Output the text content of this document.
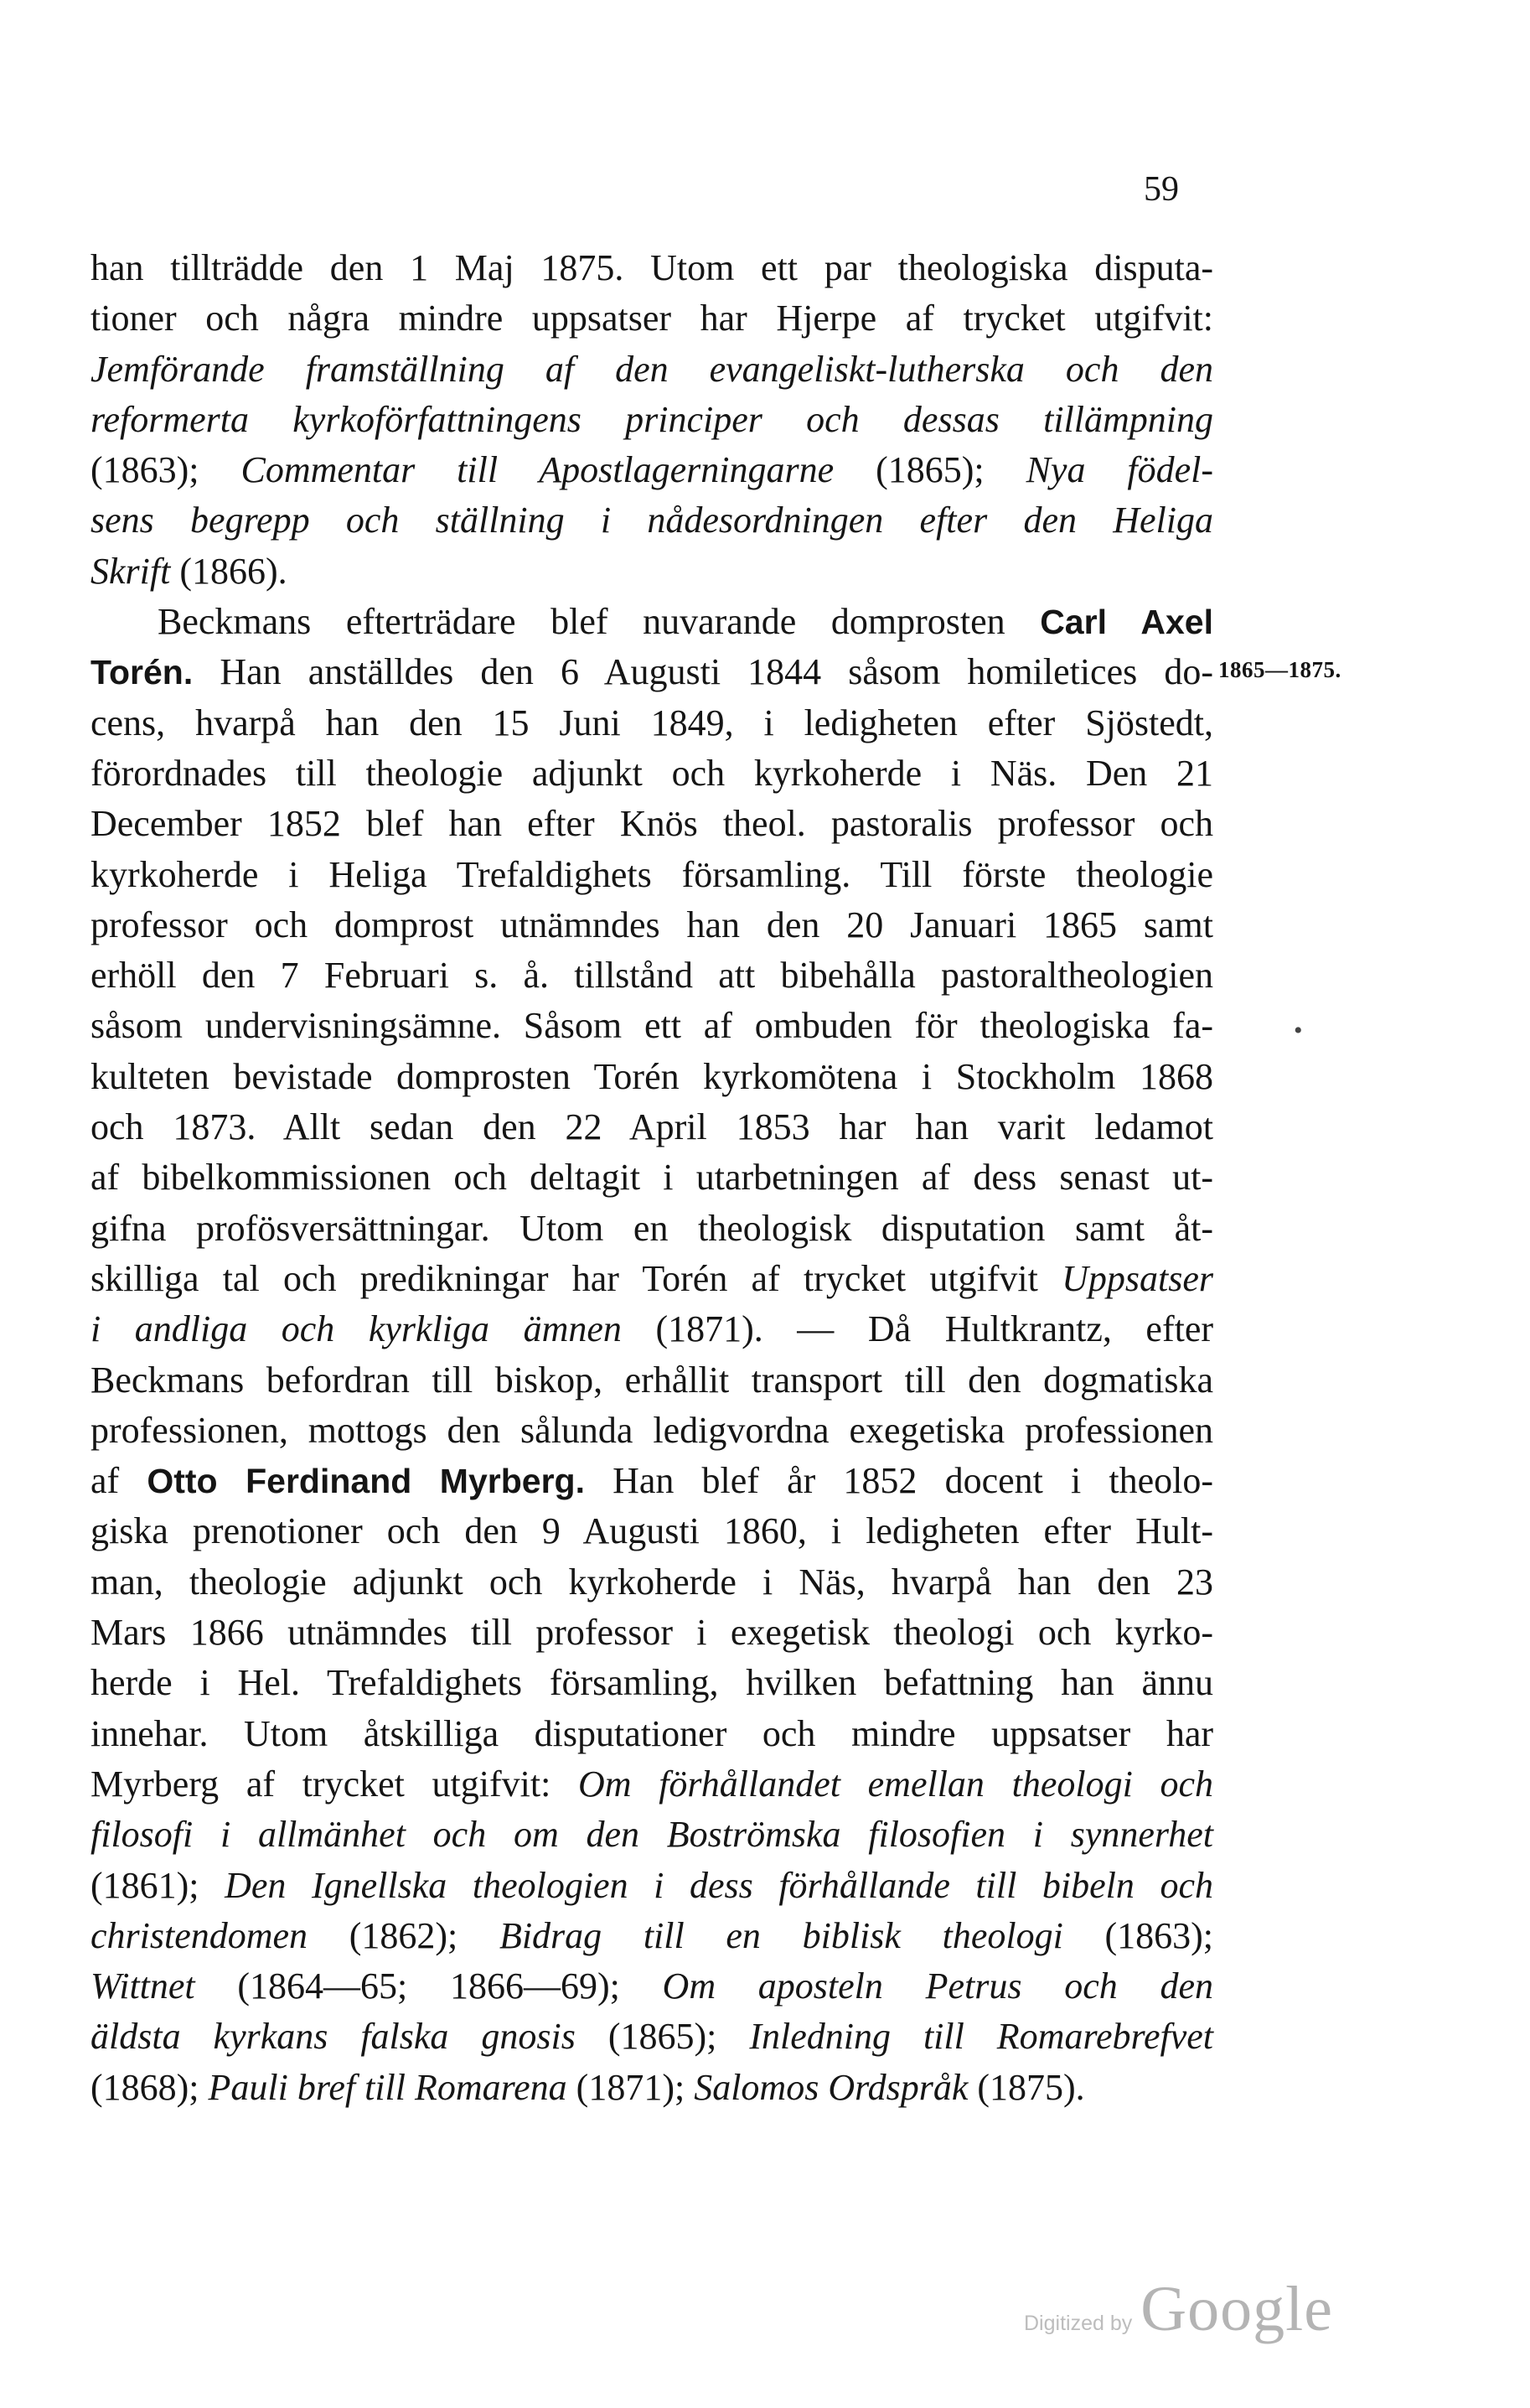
59
han tillträdde den 1 Maj 1875. Utom ett par theologiska disputa-
tioner och några mindre uppsatser har Hjerpe af trycket utgifvit:
Jemförande framställning af den evangeliskt-lutherska och den
reformerta kyrkoförfattningens principer och dessas tillämpning
(1863); Commentar till Apostlagerningarne (1865); Nya födel-
sens begrepp och ställning i nådesordningen efter den Heliga
Skrift (1866).
Beckmans efterträdare blef nuvarande domprosten Carl Axel
Torén. Han anställdes den 6 Augusti 1844 såsom homiletices do-
cens, hvarpå han den 15 Juni 1849, i ledigheten efter Sjöstedt,
förordnades till theologie adjunkt och kyrkoherde i Näs. Den 21
December 1852 blef han efter Knös theol. pastoralis professor och
kyrkoherde i Heliga Trefaldighets församling. Till förste theologie
professor och domprost utnämndes han den 20 Januari 1865 samt
erhöll den 7 Februari s. å. tillstånd att bibehålla pastoraltheologien
såsom undervisningsämne. Såsom ett af ombuden för theologiska fa-
kulteten bevistade domprosten Torén kyrkomötena i Stockholm 1868
och 1873. Allt sedan den 22 April 1853 har han varit ledamot
af bibelkommissionen och deltagit i utarbetningen af dess senast ut-
gifna profösversättningar. Utom en theologisk disputation samt åt-
skilliga tal och predikningar har Torén af trycket utgifvit Uppsatser
i andliga och kyrkliga ämnen (1871). — Då Hultkrantz, efter
Beckmans befordran till biskop, erhållit transport till den dogmatiska
professionen, mottogs den sålunda ledigvordna exegetiska professionen
af Otto Ferdinand Myrberg. Han blef år 1852 docent i theolo-
giska prenotioner och den 9 Augusti 1860, i ledigheten efter Hult-
man, theologie adjunkt och kyrkoherde i Näs, hvarpå han den 23
Mars 1866 utnämndes till professor i exegetisk theologi och kyrko-
herde i Hel. Trefaldighets församling, hvilken befattning han ännu
innehar. Utom åtskilliga disputationer och mindre uppsatser har
Myrberg af trycket utgifvit: Om förhållandet emellan theologi och
filosofi i allmänhet och om den Boströmska filosofien i synnerhet
(1861); Den Ignellska theologien i dess förhållande till bibeln och
christendomen (1862); Bidrag till en biblisk theologi (1863);
Wittnet (1864—65; 1866—69); Om aposteln Petrus och den
äldsta kyrkans falska gnosis (1865); Inledning till Romarebrefvet
(1868); Pauli bref till Romarena (1871); Salomos Ordspråk (1875).
1865—1875.
•
Digitized by Google
